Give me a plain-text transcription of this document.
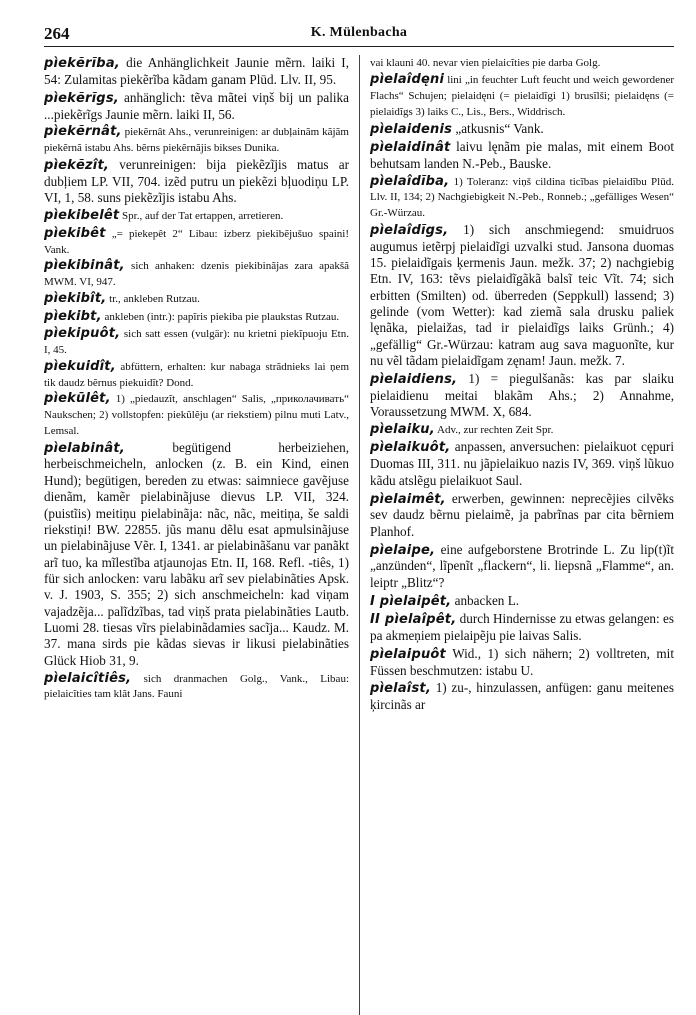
264	K. Mülenbacha

pìekẽrĩba, die Anhänglichkeit Jaunie mẽrn. laiki I, 54: Zulamitas piekẽrĩba kãdam ganam Plūd. Llv. II, 95.

pìekẽrĩgs, anhänglich: tẽva mãtei viņš bij un palika ...piekẽrĩgs Jaunie mẽrn. laiki II, 56.

pìekẽrnât, piekẽrnât Ahs., verunreinigen: ar dubļainãm kãjãm piekẽrnã istabu Ahs. bẽrns piekẽrnãjis bikses Dunika.

pìekẽzît, verunreinigen: bija piekẽzĩjis matus ar dubļiem LP. VII, 704. izẽd putru un piekẽzi bļuodiņu LP. VI, 1, 58. suns piekẽzĩjis istabu Ahs.

pìekibelêt Spr., auf der Tat ertappen, arretieren.

pìekibêt „= piekepêt 2“ Libau: izberz piekibẽjušuo spaini! Vank.

pìekibinât, sich anhaken: dzenis piekibinãjas zara apakšã MWM. VI, 947.

pìekibît, tr., ankleben Rutzau.

pìekibt, ankleben (intr.): papĩris piekiba pie plaukstas Rutzau.

pìekipuôt, sich satt essen (vulgär): nu krietni piekĩpuoju Etn. I, 45.

pìekuidît, abfüttern, erhalten: kur nabaga strãdnieks lai ņem tik daudz bẽrnus piekuidĩt? Dond.

pìekūlêt, 1) „piedauzĩt, anschlagen“ Salis, „приколачивать“ Naukschen; 2) vollstopfen: piekũlẽju (ar riekstiem) pilnu muti Latv., Lemsal.

pìelabinât, begütigend herbeiziehen, herbeischmeicheln, anlocken (z. B. ein Kind, einen Hund); begütigen, bereden zu etwas: saimniece gavẽjuse dienãm, kamẽr pielabinãjuse dievus LP. VII, 324. (puistĩis) meitiņu pielabinãja: nãc, nãc, meitiņa, še saldi riekstiņi! BW. 22855. jũs manu dẽlu esat apmulsinãjuse un pielabinãjuse Vẽr. I, 1341. ar pielabinãšanu var panãkt arĩ tuo, ka mĩlestĩba atjaunojas Etn. II, 168. Refl. -tiês, 1) für sich anlocken: varu labãku arĩ sev pielabinãties Apsk. v. J. 1903, S. 355; 2) sich anschmeicheln: kad viņam vajadzẽja... palĩdzĩbas, tad viņš prata pielabinãties Lautb. Luomi 28. tiesas vĩrs pielabinãdamies sacĩja... Kaudz. M. 37. mana sirds pie kãdas sievas ir likusi pielabinãties Glück Hiob 31, 9.

pìelaicîtiês, sich dranmachen Golg., Vank., Libau: pielaicĩties tam klãt Jans. Fauni

vai klauni 40. nevar vien pielaicĩties pie darba Golg.

pìelaîdęni lini „in feuchter Luft feucht und weich gewordener Flachs“ Schujen; pielaidęni (= pielaidĩgi 1) brusĩlši; pielaidęns (= pielaidĩgs 3) laiks C., Lis., Bers., Widdrisch.

pìelaidenis „atkusnis“ Vank.

pìelaidinât laivu lęnãm pie malas, mit einem Boot behutsam landen N.-Peb., Bauske.

pìelaîdĩba, 1) Toleranz: viņš cildina ticĩbas pielaidĩbu Plūd. Llv. II, 134; 2) Nachgiebigkeit N.-Peb., Ronneb.; „gefälliges Wesen“ Gr.-Würzau.

pìelaîdĩgs, 1) sich anschmiegend: smuidruos augumus ietẽrpj pielaidĩgi uzvalki stud. Jansona duomas 15. pielaidĩgais ķermenis Jaun. mežk. 37; 2) nachgiebig Etn. IV, 163: tẽvs pielaidĩgãkã balsĩ teic Vĩt. 74; sich erbitten (Smilten) od. überreden (Seppkull) lassend; 3) gelinde (vom Wetter): kad ziemã sala drusku paliek lęnãka, pielaižas, tad ir pielaidĩgs laiks Grünh.; 4) „gefällig“ Gr.-Würzau: katram aug sava maguonĩte, kur nu vẽl tãdam pielaidĩgam zęnam! Jaun. mežk. 7.

pìelaidiens, 1) = piegulšanãs: kas par slaiku pielaidienu meitai blakãm Ahs.; 2) Annahme, Voraussetzung MWM. X, 684.

pìelaiku, Adv., zur rechten Zeit Spr.

pìelaikuôt, anpassen, anversuchen: pielaikuot cępuri Duomas III, 311. nu jãpielaikuo nazis IV, 369. viņš lũkuo kãdu atslẽgu pielaikuot Saul.

pìelaimêt, erwerben, gewinnen: neprecẽjies cilvẽks sev daudz bẽrnu pielaimẽ, ja pabrĩnas par cita bẽrniem Planhof.

pìelaipe, eine aufgeborstene Brotrinde L. Zu lip(t)ĩt „anzünden“, lĩpenĩt „flackern“, li. liepsnã „Flamme“, an. leiptr „Blitz“?

I pìelaipêt, anbacken L.

II pìelaîpêt, durch Hindernisse zu etwas gelangen: es pa akmeņiem pielaipẽju pie laivas Salis.

pìelaipuôt Wid., 1) sich nähern; 2) volltreten, mit Füssen beschmutzen: istabu U.

pìelaîst, 1) zu-, hinzulassen, anfügen: ganu meitenes ķircinãs ar
